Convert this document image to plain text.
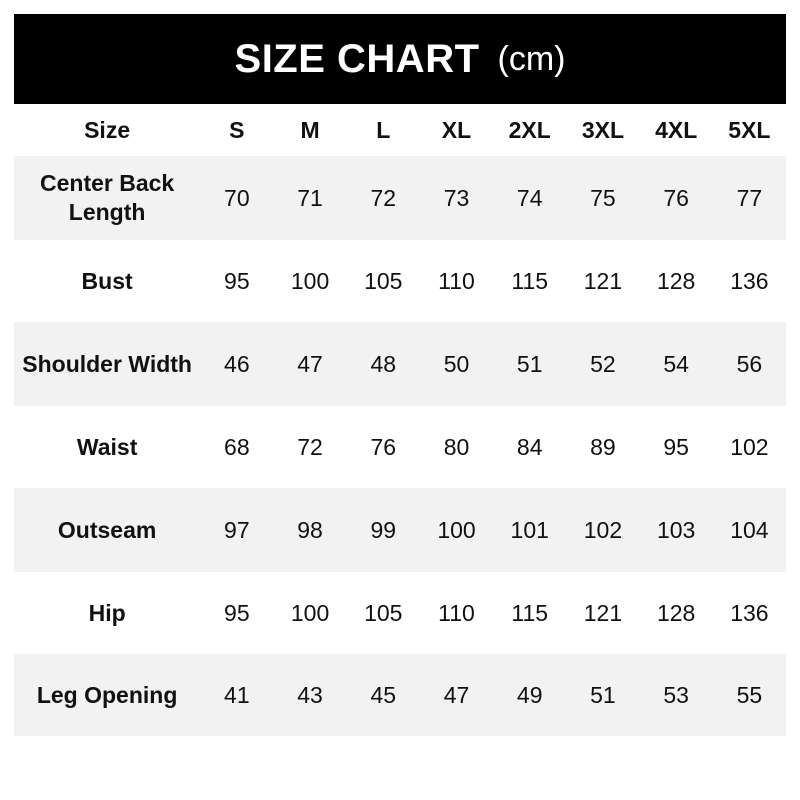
SIZE CHART (cm)
Size	S	M	L	XL	2XL	3XL	4XL	5XL
Center Back Length	70	71	72	73	74	75	76	77
Bust	95	100	105	110	115	121	128	136
Shoulder Width	46	47	48	50	51	52	54	56
Waist	68	72	76	80	84	89	95	102
Outseam	97	98	99	100	101	102	103	104
Hip	95	100	105	110	115	121	128	136
Leg Opening	41	43	45	47	49	51	53	55
